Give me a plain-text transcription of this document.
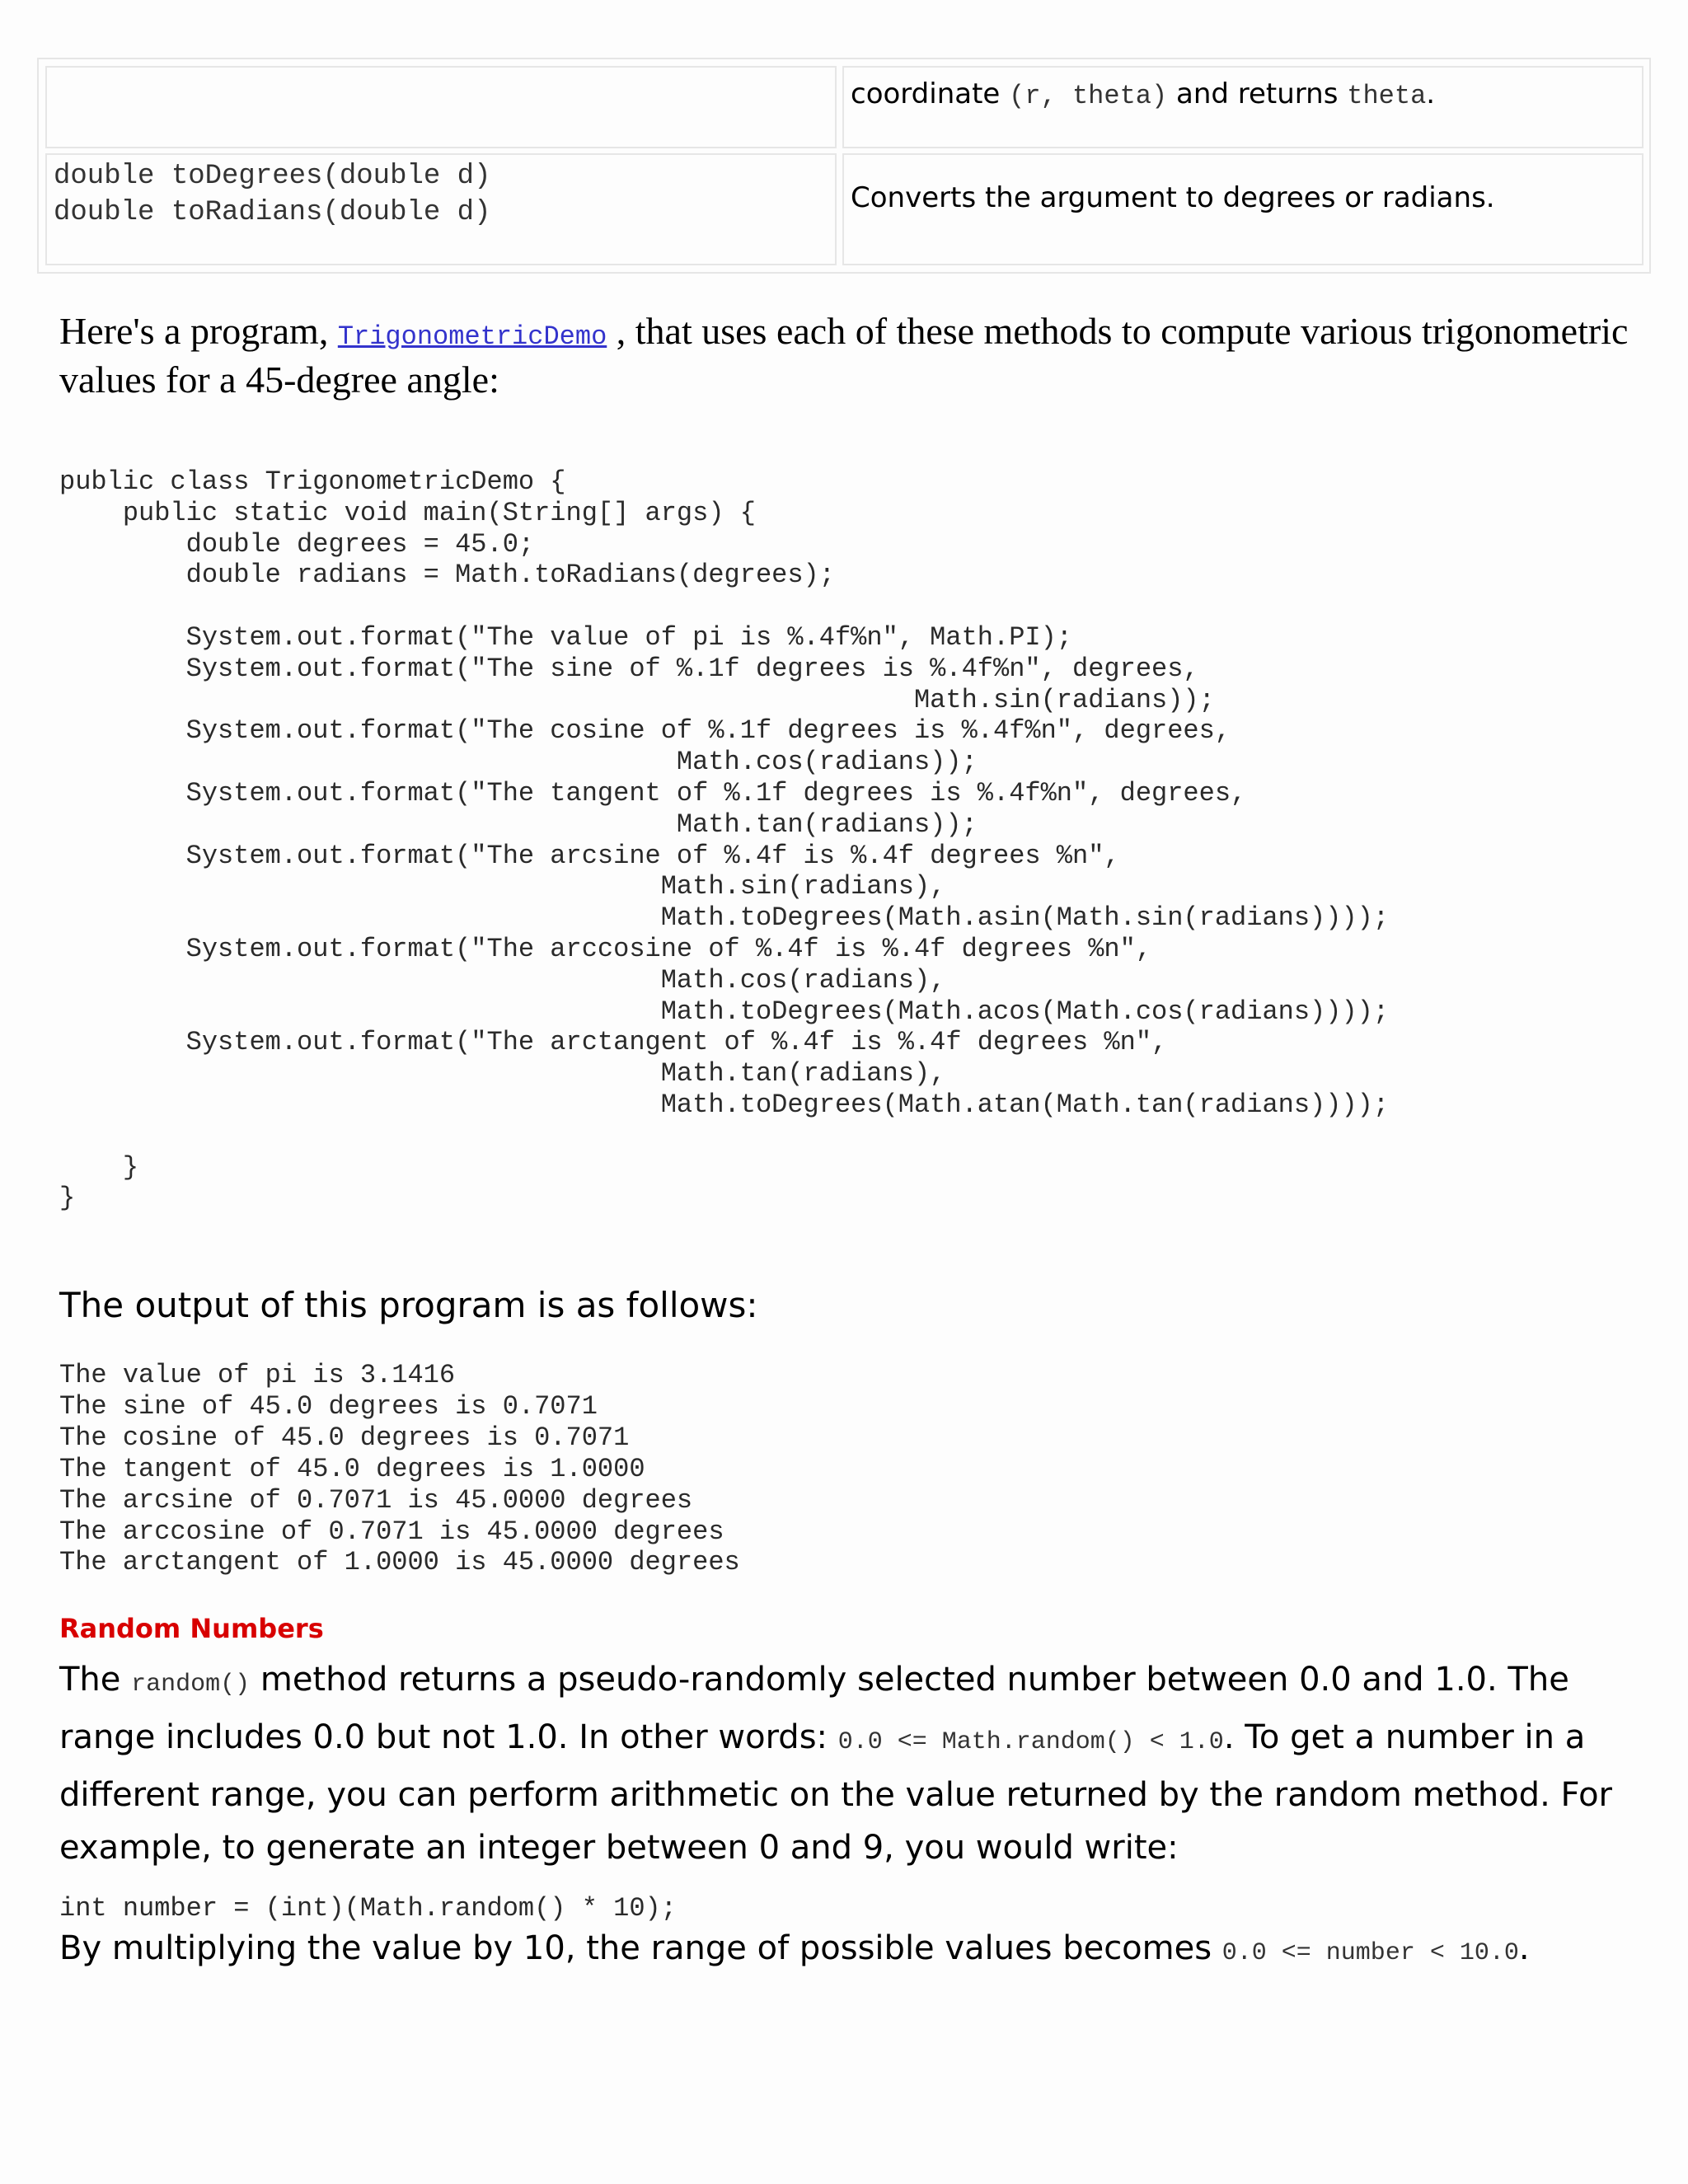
coordinate (r, theta) and returns theta.
double toDegrees(double d)
double toRadians(double d)	Converts the argument to degrees or radians.
Here's a program, TrigonometricDemo , that uses each of these methods to compute various trigonometric values for a 45-degree angle:
public class TrigonometricDemo {
public static void main(String[] args) {
double degrees = 45.0;
double radians = Math.toRadians(degrees);

System.out.format("The value of pi is %.4f%n", Math.PI);
System.out.format("The sine of %.1f degrees is %.4f%n", degrees,
Math.sin(radians));
System.out.format("The cosine of %.1f degrees is %.4f%n", degrees,
Math.cos(radians));
System.out.format("The tangent of %.1f degrees is %.4f%n", degrees,
Math.tan(radians));
System.out.format("The arcsine of %.4f is %.4f degrees %n",
Math.sin(radians),
Math.toDegrees(Math.asin(Math.sin(radians))));
System.out.format("The arccosine of %.4f is %.4f degrees %n",
Math.cos(radians),
Math.toDegrees(Math.acos(Math.cos(radians))));
System.out.format("The arctangent of %.4f is %.4f degrees %n",
Math.tan(radians),
Math.toDegrees(Math.atan(Math.tan(radians))));

}
}
The output of this program is as follows:
The value of pi is 3.1416
The sine of 45.0 degrees is 0.7071
The cosine of 45.0 degrees is 0.7071
The tangent of 45.0 degrees is 1.0000
The arcsine of 0.7071 is 45.0000 degrees
The arccosine of 0.7071 is 45.0000 degrees
The arctangent of 1.0000 is 45.0000 degrees
Random Numbers
The random() method returns a pseudo-randomly selected number between 0.0 and 1.0. The range includes 0.0 but not 1.0. In other words: 0.0 <= Math.random() < 1.0. To get a number in a different range, you can perform arithmetic on the value returned by the random method. For example, to generate an integer between 0 and 9, you would write:
int number = (int)(Math.random() * 10);
By multiplying the value by 10, the range of possible values becomes 0.0 <= number < 10.0.
